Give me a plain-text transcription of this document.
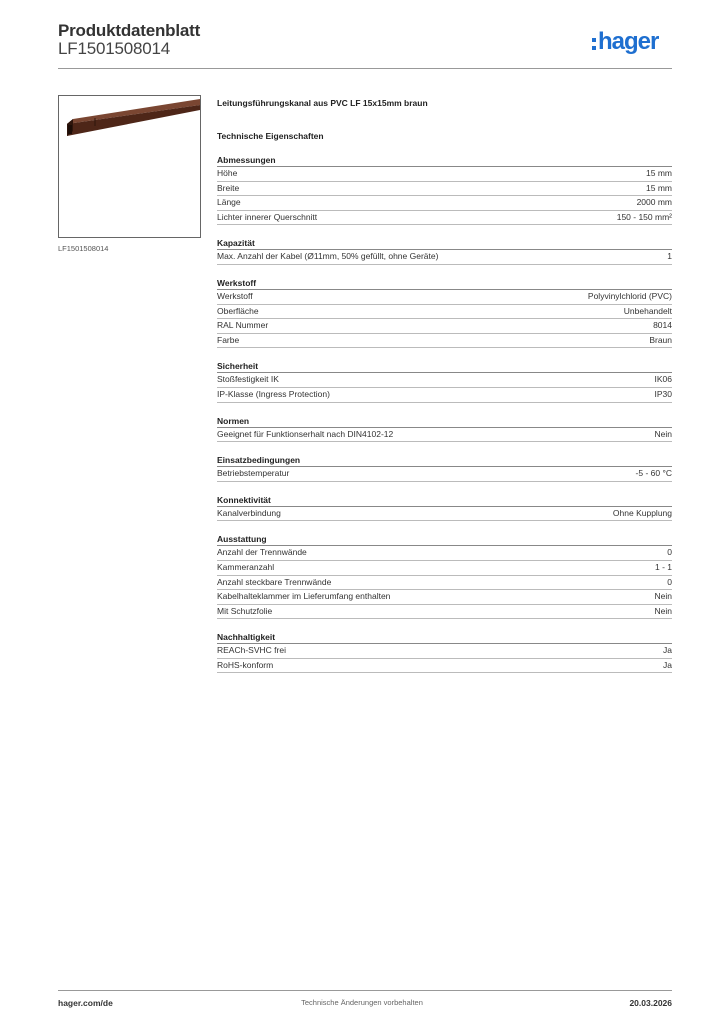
Produktdatenblatt
LF1501508014	hager
LF1501508014
Leitungsführungskanal aus PVC LF 15x15mm braun
Technische Eigenschaften
Abmessungen
Höhe	15 mm
Breite	15 mm
Länge	2000 mm
Lichter innerer Querschnitt	150 - 150 mm²
Kapazität
Max. Anzahl der Kabel (Ø11mm, 50% gefüllt, ohne Geräte)	1
Werkstoff
Werkstoff	Polyvinylchlorid (PVC)
Oberfläche	Unbehandelt
RAL Nummer	8014
Farbe	Braun
Sicherheit
Stoßfestigkeit IK	IK06
IP-Klasse (Ingress Protection)	IP30
Normen
Geeignet für Funktionserhalt nach DIN4102-12	Nein
Einsatzbedingungen
Betriebstemperatur	-5 - 60 °C
Konnektivität
Kanalverbindung	Ohne Kupplung
Ausstattung
Anzahl der Trennwände	0
Kammeranzahl	1 - 1
Anzahl steckbare Trennwände	0
Kabelhalteklammer im Lieferumfang enthalten	Nein
Mit Schutzfolie	Nein
Nachhaltigkeit
REACh-SVHC frei	Ja
RoHS-konform	Ja
hager.com/de	Technische Änderungen vorbehalten	20.03.2026
